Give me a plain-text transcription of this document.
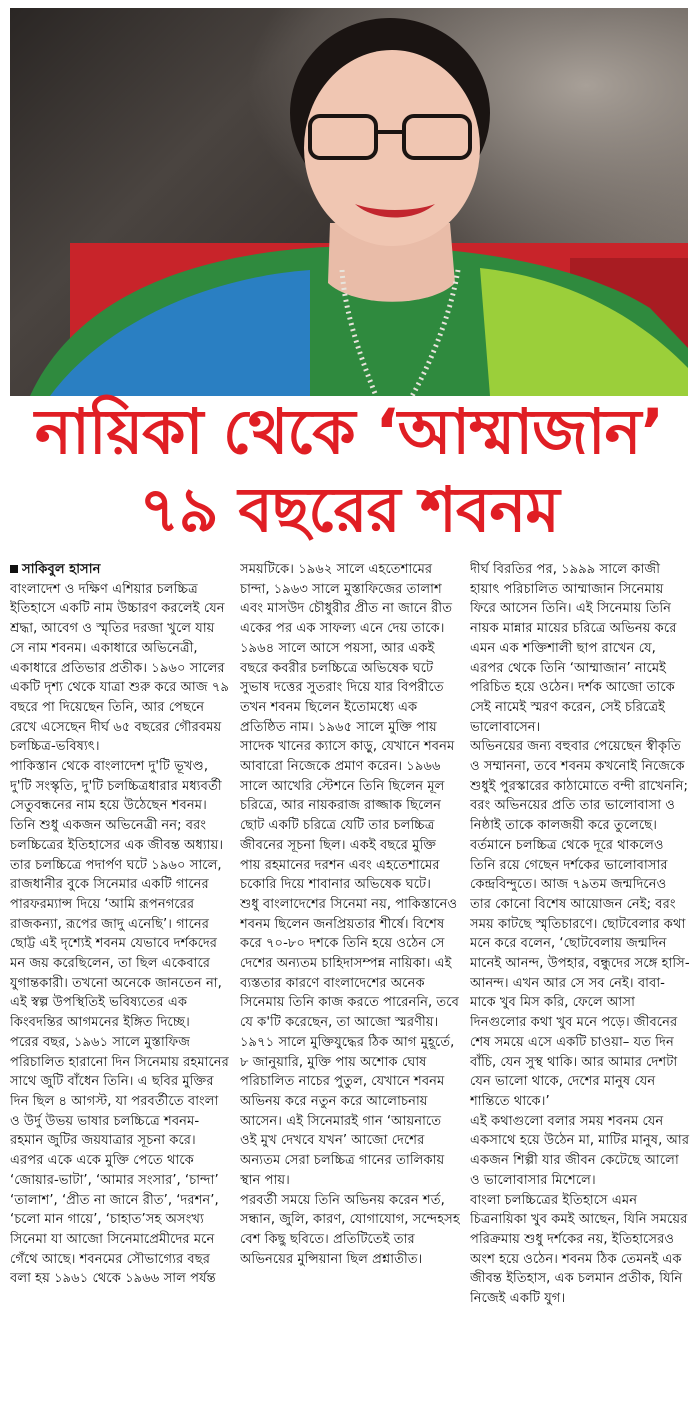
নায়িকা থেকে ‘আম্মাজান’
৭৯ বছরের শবনম

সাকিবুল হাসান

বাংলাদেশ ও দক্ষিণ এশিয়ার চলচ্চিত্র ইতিহাসে একটি নাম উচ্চারণ করলেই যেন শ্রদ্ধা, আবেগ ও স্মৃতির দরজা খুলে যায় সে নাম শবনম। একাধারে অভিনেত্রী, একাধারে প্রতিভার প্রতীক। ১৯৬০ সালের একটি দৃশ্য থেকে যাত্রা শুরু করে আজ ৭৯ বছরে পা দিয়েছেন তিনি, আর পেছনে রেখে এসেছেন দীর্ঘ ৬৫ বছরের গৌরবময় চলচ্চিত্র-ভবিষ্যৎ।

পাকিস্তান থেকে বাংলাদেশ দু'টি ভূখণ্ড, দু'টি সংস্কৃতি, দু'টি চলচ্চিত্রধারার মধ্যবর্তী সেতুবন্ধনের নাম হয়ে উঠেছেন শবনম। তিনি শুধু একজন অভিনেত্রী নন; বরং চলচ্চিত্রের ইতিহাসের এক জীবন্ত অধ্যায়।

তার চলচ্চিত্রে পদার্পণ ঘটে ১৯৬০ সালে, রাজধানীর বুকে সিনেমার একটি গানের পারফরম্যান্স দিয়ে ‘আমি রূপনগরের রাজকন্যা, রূপের জাদু এনেছি’। গানের ছোট্ট এই দৃশ্যেই শবনম যেভাবে দর্শকদের মন জয় করেছিলেন, তা ছিল একেবারে যুগান্তকারী। তখনো অনেকে জানতেন না, এই স্বল্প উপস্থিতিই ভবিষ্যতের এক কিংবদন্তির আগমনের ইঙ্গিত দিচ্ছে।

পরের বছর, ১৯৬১ সালে মুস্তাফিজ পরিচালিত হারানো দিন সিনেমায় রহমানের সাথে জুটি বাঁধেন তিনি। এ ছবির মুক্তির দিন ছিল ৪ আগস্ট, যা পরবর্তীতে বাংলা ও উর্দু উভয় ভাষার চলচ্চিত্রে শবনম-রহমান জুটির জয়যাত্রার সূচনা করে। এরপর একে একে মুক্তি পেতে থাকে ‘জোয়ার-ভাটা’, ‘আমার সংসার’, ‘চান্দা’ ‘তালাশ’, ‘প্রীত না জানে রীত’, ‘দরশন’, ‘চলো মান গায়ে’, ‘চাহাত’সহ অসংখ্য সিনেমা যা আজো সিনেমাপ্রেমীদের মনে গেঁথে আছে। শবনমের সৌভাগ্যের বছর বলা হয় ১৯৬১ থেকে ১৯৬৬ সাল পর্যন্ত

সময়টিকে। ১৯৬২ সালে এহতেশামের চান্দা, ১৯৬৩ সালে মুস্তাফিজের তালাশ এবং মাসউদ চৌধুরীর প্রীত না জানে রীত একের পর এক সাফল্য এনে দেয় তাকে। ১৯৬৪ সালে আসে পয়সা, আর একই বছরে কবরীর চলচ্চিত্রে অভিষেক ঘটে সুভাষ দত্তের সুতরাং দিয়ে যার বিপরীতে তখন শবনম ছিলেন ইতোমধ্যে এক প্রতিষ্ঠিত নাম। ১৯৬৫ সালে মুক্তি পায় সাদেক খানের ক্যাসে কাড়ু, যেখানে শবনম আবারো নিজেকে প্রমাণ করেন। ১৯৬৬ সালে আখেরি স্টেশনে তিনি ছিলেন মূল চরিত্রে, আর নায়করাজ রাজ্জাক ছিলেন ছোট একটি চরিত্রে যেটি তার চলচ্চিত্র জীবনের সূচনা ছিল। একই বছরে মুক্তি পায় রহমানের দরশন এবং এহতেশামের চকোরি দিয়ে শাবানার অভিষেক ঘটে।

শুধু বাংলাদেশের সিনেমা নয়, পাকিস্তানেও শবনম ছিলেন জনপ্রিয়তার শীর্ষে। বিশেষ করে ৭০-৮০ দশকে তিনি হয়ে ওঠেন সে দেশের অন্যতম চাহিদাসম্পন্ন নায়িকা। এই ব্যস্ততার কারণে বাংলাদেশের অনেক সিনেমায় তিনি কাজ করতে পারেননি, তবে যে ক'টি করেছেন, তা আজো স্মরণীয়।

১৯৭১ সালে মুক্তিযুদ্ধের ঠিক আগ মুহূর্তে, ৮ জানুয়ারি, মুক্তি পায় অশোক ঘোষ পরিচালিত নাচের পুতুল, যেখানে শবনম অভিনয় করে নতুন করে আলোচনায় আসেন। এই সিনেমারই গান ‘আয়নাতে ওই মুখ দেখবে যখন’ আজো দেশের অন্যতম সেরা চলচ্চিত্র গানের তালিকায় স্থান পায়।

পরবর্তী সময়ে তিনি অভিনয় করেন শর্ত, সন্ধান, জুলি, কারণ, যোগাযোগ, সন্দেহসহ বেশ কিছু ছবিতে। প্রতিটিতেই তার অভিনয়ের মুন্সিয়ানা ছিল প্রশ্নাতীত।

দীর্ঘ বিরতির পর, ১৯৯৯ সালে কাজী হায়াৎ পরিচালিত আম্মাজান সিনেমায় ফিরে আসেন তিনি। এই সিনেমায় তিনি নায়ক মান্নার মায়ের চরিত্রে অভিনয় করে এমন এক শক্তিশালী ছাপ রাখেন যে, এরপর থেকে তিনি ‘আম্মাজান’ নামেই পরিচিত হয়ে ওঠেন। দর্শক আজো তাকে সেই নামেই স্মরণ করেন, সেই চরিত্রেই ভালোবাসেন।

অভিনয়ের জন্য বহুবার পেয়েছেন স্বীকৃতি ও সম্মাননা, তবে শবনম কখনোই নিজেকে শুধুই পুরস্কারের কাঠামোতে বন্দী রাখেননি; বরং অভিনয়ের প্রতি তার ভালোবাসা ও নিষ্ঠাই তাকে কালজয়ী করে তুলেছে। বর্তমানে চলচ্চিত্র থেকে দূরে থাকলেও তিনি রয়ে গেছেন দর্শকের ভালোবাসার কেন্দ্রবিন্দুতে। আজ ৭৯তম জন্মদিনেও তার কোনো বিশেষ আয়োজন নেই; বরং সময় কাটছে স্মৃতিচারণে। ছোটবেলার কথা মনে করে বলেন, ‘ছোটবেলায় জন্মদিন মানেই আনন্দ, উপহার, বন্ধুদের সঙ্গে হাসি-আনন্দ। এখন আর সে সব নেই। বাবা-মাকে খুব মিস করি, ফেলে আসা দিনগুলোর কথা খুব মনে পড়ে। জীবনের শেষ সময়ে এসে একটি চাওয়া– যত দিন বাঁচি, যেন সুস্থ থাকি। আর আমার দেশটা যেন ভালো থাকে, দেশের মানুষ যেন শান্তিতে থাকে।’

এই কথাগুলো বলার সময় শবনম যেন একসাথে হয়ে উঠেন মা, মাটির মানুষ, আর একজন শিল্পী যার জীবন কেটেছে আলো ও ভালোবাসার মিশেলে।

বাংলা চলচ্চিত্রের ইতিহাসে এমন চিত্রনায়িকা খুব কমই আছেন, যিনি সময়ের পরিক্রমায় শুধু দর্শকের নয়, ইতিহাসেরও অংশ হয়ে ওঠেন। শবনম ঠিক তেমনই এক জীবন্ত ইতিহাস, এক চলমান প্রতীক, যিনি নিজেই একটি যুগ।
